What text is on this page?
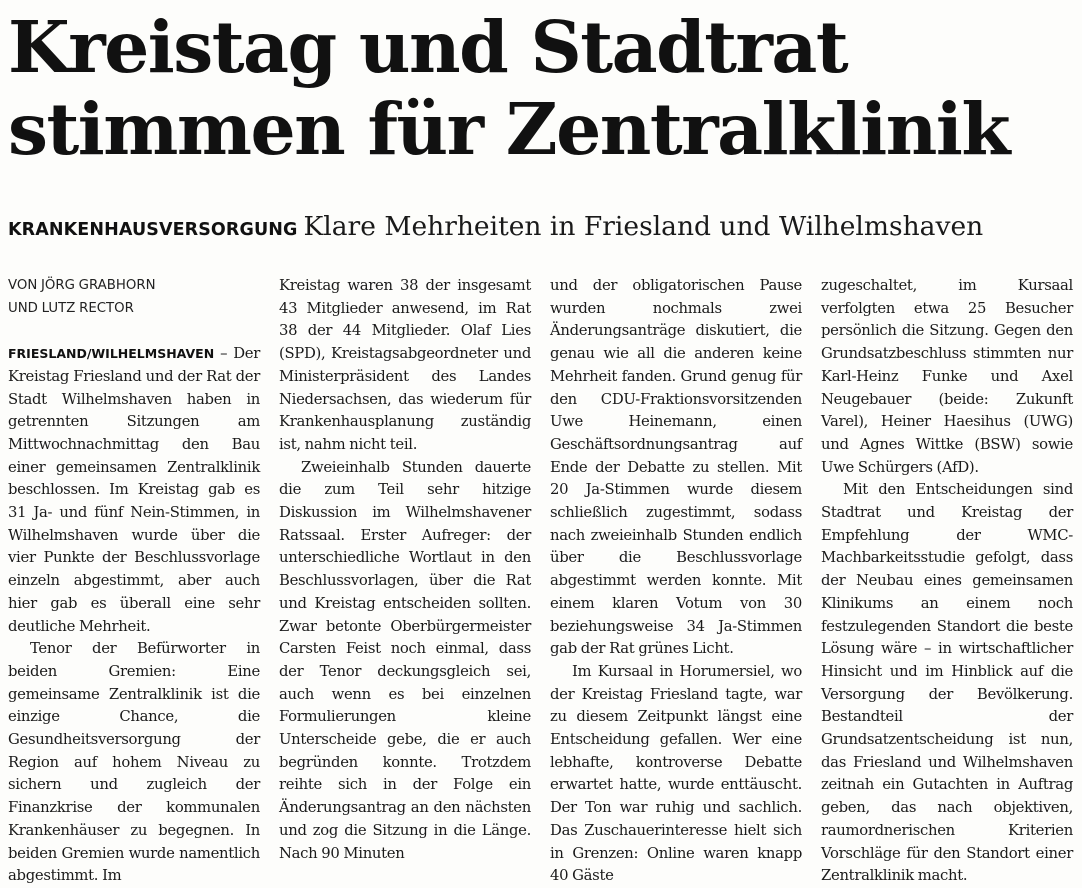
Kreistag und Stadtrat stimmen für Zentralklinik
KRANKENHAUSVERSORGUNG Klare Mehrheiten in Friesland und Wilhelmshaven
VON JÖRG GRABHORN
UND LUTZ RECTOR

FRIESLAND/WILHELMSHAVEN – Der Kreistag Friesland und der Rat der Stadt Wilhelmshaven haben in getrennten Sitzungen am Mittwochnachmittag den Bau einer gemeinsamen Zentralklinik beschlossen. Im Kreistag gab es 31 Ja- und fünf Nein-Stimmen, in Wilhelmshaven wurde über die vier Punkte der Beschlussvorlage einzeln abgestimmt, aber auch hier gab es überall eine sehr deutliche Mehrheit.

Tenor der Befürworter in beiden Gremien: Eine gemeinsame Zentralklinik ist die einzige Chance, die Gesundheitsversorgung der Region auf hohem Niveau zu sichern und zugleich der Finanzkrise der kommunalen Krankenhäuser zu begegnen. In beiden Gremien wurde namentlich abgestimmt. Im

Kreistag waren 38 der insgesamt 43 Mitglieder anwesend, im Rat 38 der 44 Mitglieder. Olaf Lies (SPD), Kreistagsabgeordneter und Ministerpräsident des Landes Niedersachsen, das wiederum für Krankenhausplanung zuständig ist, nahm nicht teil.

Zweieinhalb Stunden dauerte die zum Teil sehr hitzige Diskussion im Wilhelmshavener Ratssaal. Erster Aufreger: der unterschiedliche Wortlaut in den Beschlussvorlagen, über die Rat und Kreistag entscheiden sollten. Zwar betonte Oberbürgermeister Carsten Feist noch einmal, dass der Tenor deckungsgleich sei, auch wenn es bei einzelnen Formulierungen kleine Unterscheide gebe, die er auch begründen konnte. Trotzdem reihte sich in der Folge ein Änderungsantrag an den nächsten und zog die Sitzung in die Länge. Nach 90 Minuten

und der obligatorischen Pause wurden nochmals zwei Änderungsanträge diskutiert, die genau wie all die anderen keine Mehrheit fanden. Grund genug für den CDU-Fraktionsvorsitzenden Uwe Heinemann, einen Geschäftsordnungsantrag auf Ende der Debatte zu stellen. Mit 20 Ja-Stimmen wurde diesem schließlich zugestimmt, sodass nach zweieinhalb Stunden endlich über die Beschlussvorlage abgestimmt werden konnte. Mit einem klaren Votum von 30 beziehungsweise 34 Ja-Stimmen gab der Rat grünes Licht.

Im Kursaal in Horumersiel, wo der Kreistag Friesland tagte, war zu diesem Zeitpunkt längst eine Entscheidung gefallen. Wer eine lebhafte, kontroverse Debatte erwartet hatte, wurde enttäuscht. Der Ton war ruhig und sachlich. Das Zuschauerinteresse hielt sich in Grenzen: Online waren knapp 40 Gäste

zugeschaltet, im Kursaal verfolgten etwa 25 Besucher persönlich die Sitzung. Gegen den Grundsatzbeschluss stimmten nur Karl-Heinz Funke und Axel Neugebauer (beide: Zukunft Varel), Heiner Haesihus (UWG) und Agnes Wittke (BSW) sowie Uwe Schürgers (AfD).

Mit den Entscheidungen sind Stadtrat und Kreistag der Empfehlung der WMC-Machbarkeitsstudie gefolgt, dass der Neubau eines gemeinsamen Klinikums an einem noch festzulegenden Standort die beste Lösung wäre – in wirtschaftlicher Hinsicht und im Hinblick auf die Versorgung der Bevölkerung. Bestandteil der Grundsatzentscheidung ist nun, das Friesland und Wilhelmshaven zeitnah ein Gutachten in Auftrag geben, das nach objektiven, raumordnerischen Kriterien Vorschläge für den Standort einer Zentralklinik macht.
